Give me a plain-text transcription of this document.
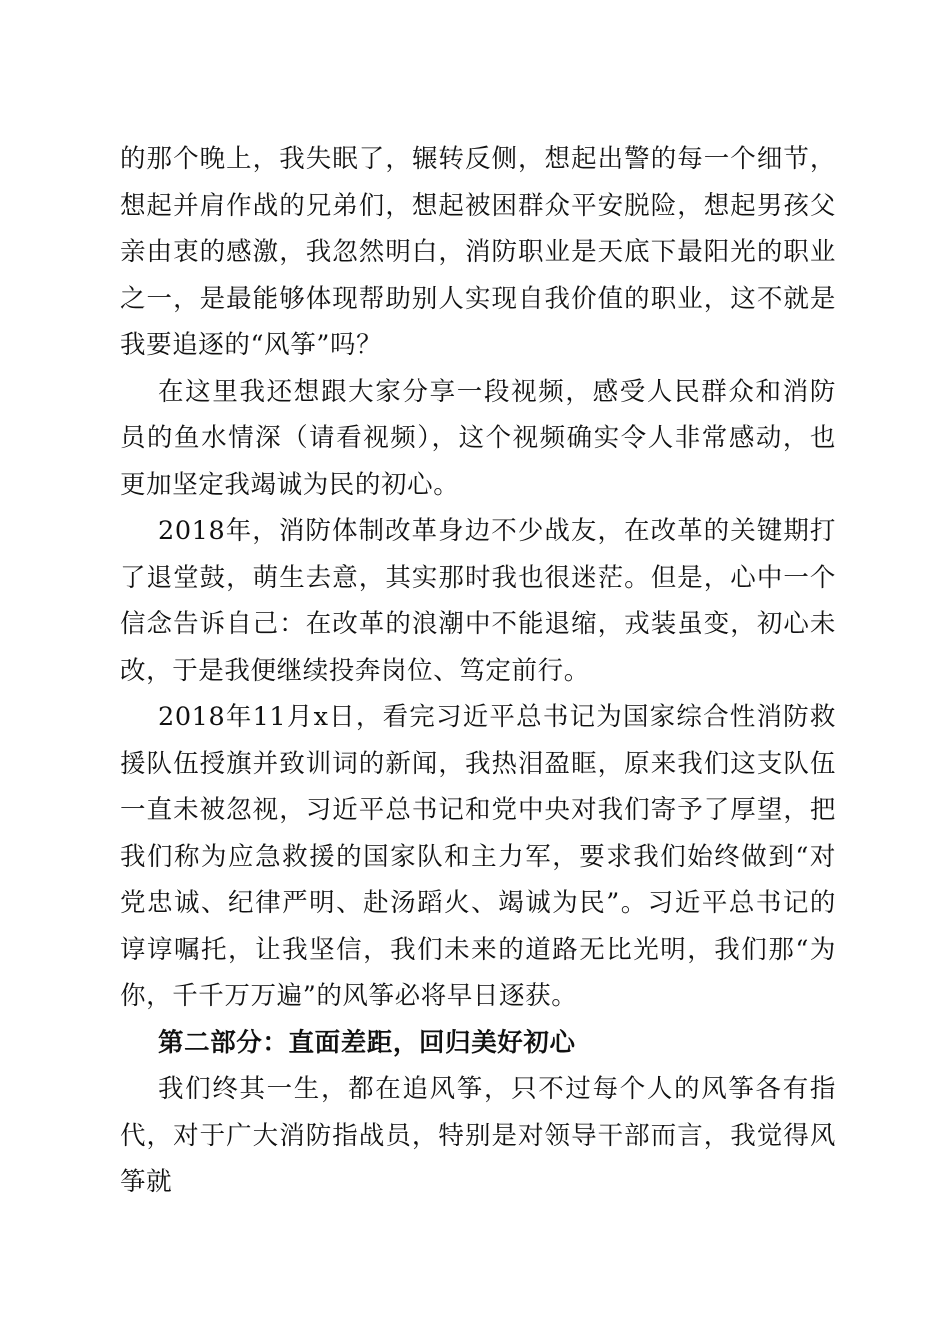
的那个晚上，我失眠了，辗转反侧，想起出警的每一个细节，想起并肩作战的兄弟们，想起被困群众平安脱险，想起男孩父亲由衷的感激，我忽然明白，消防职业是天底下最阳光的职业之一，是最能够体现帮助别人实现自我价值的职业，这不就是我要追逐的“风筝”吗？

在这里我还想跟大家分享一段视频，感受人民群众和消防员的鱼水情深（请看视频），这个视频确实令人非常感动，也更加坚定我竭诚为民的初心。

2018年，消防体制改革身边不少战友，在改革的关键期打了退堂鼓，萌生去意，其实那时我也很迷茫。但是，心中一个信念告诉自己：在改革的浪潮中不能退缩，戎装虽变，初心未改，于是我便继续投奔岗位、笃定前行。

2018年11月x日，看完习近平总书记为国家综合性消防救援队伍授旗并致训词的新闻，我热泪盈眶，原来我们这支队伍一直未被忽视，习近平总书记和党中央对我们寄予了厚望，把我们称为应急救援的国家队和主力军，要求我们始终做到“对党忠诚、纪律严明、赴汤蹈火、竭诚为民”。习近平总书记的谆谆嘱托，让我坚信，我们未来的道路无比光明，我们那“为你，千千万万遍”的风筝必将早日逐获。

第二部分：直面差距，回归美好初心

我们终其一生，都在追风筝，只不过每个人的风筝各有指代，对于广大消防指战员，特别是对领导干部而言，我觉得风筝就
